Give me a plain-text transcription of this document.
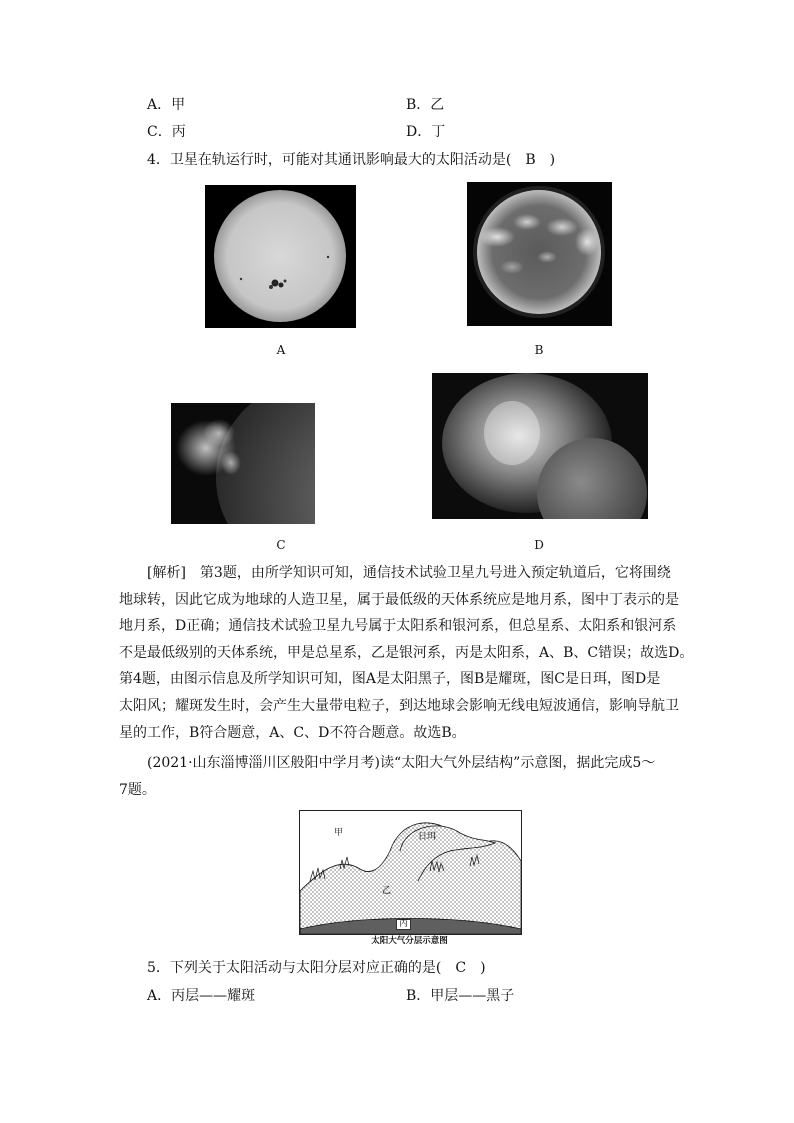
A．甲	B．乙
C．丙	D．丁
4．卫星在轨运行时，可能对其通讯影响最大的太阳活动是(　B　)
A	B
C	D
[解析]　第3题，由所学知识可知，通信技术试验卫星九号进入预定轨道后，它将围绕
地球转，因此它成为地球的人造卫星，属于最低级的天体系统应是地月系，图中丁表示的是
地月系，D正确；通信技术试验卫星九号属于太阳系和银河系，但总星系、太阳系和银河系
不是最低级别的天体系统，甲是总星系，乙是银河系，丙是太阳系，A、B、C错误；故选D。
第4题，由图示信息及所学知识可知，图A是太阳黑子，图B是耀斑，图C是日珥，图D是
太阳风；耀斑发生时，会产生大量带电粒子，到达地球会影响无线电短波通信，影响导航卫
星的工作，B符合题意，A、C、D不符合题意。故选B。
(2021·山东淄博淄川区般阳中学月考)读“太阳大气外层结构”示意图，据此完成5～
7题。
甲	日珥
乙
丙
太阳大气分层示意图
5．下列关于太阳活动与太阳分层对应正确的是(　C　)
A．丙层——耀斑	B．甲层——黑子
